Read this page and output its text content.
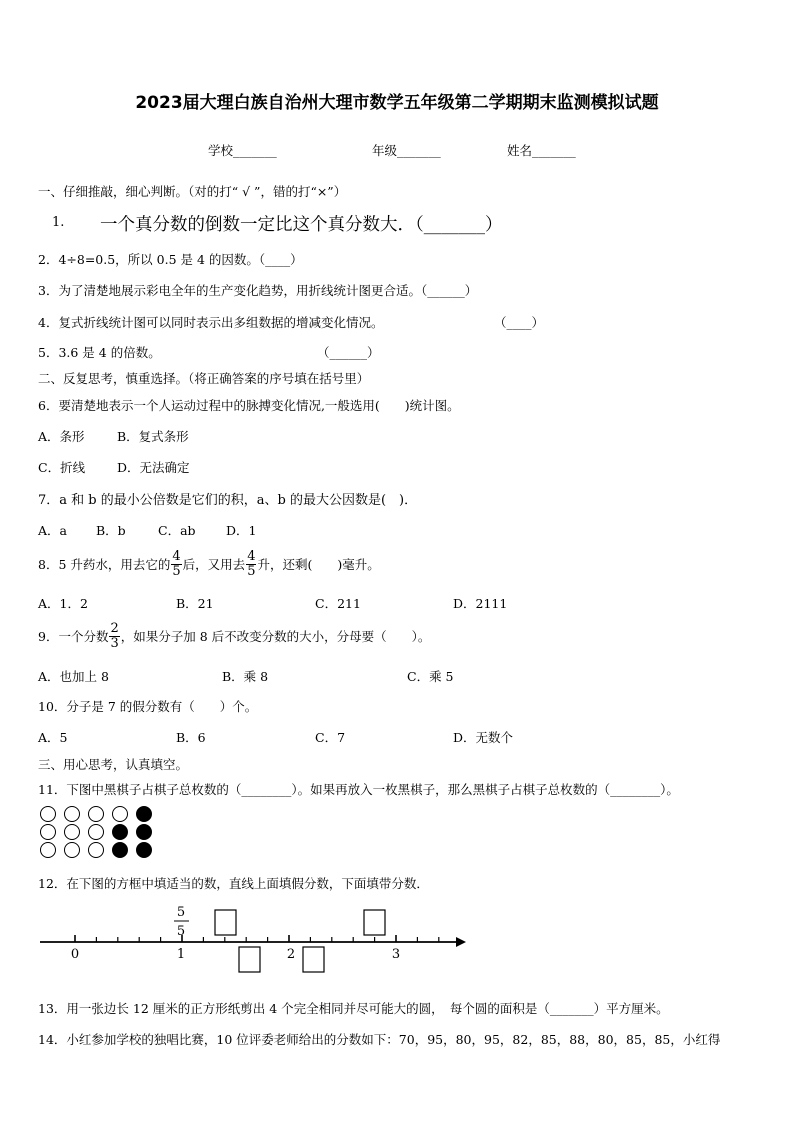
2023届大理白族自治州大理市数学五年级第二学期期末监测模拟试题
学校_______	年级_______	姓名_______
一、仔细推敲，细心判断。（对的打“ √ ”，错的打“×”）
1. 一个真分数的倒数一定比这个真分数大．（_______）
2．4÷8=0.5，所以 0.5 是 4 的因数。（____）
3．为了清楚地展示彩电全年的生产变化趋势，用折线统计图更合适。（______）
4．复式折线统计图可以同时表示出多组数据的增减变化情况。	（____）
5．3.6 是 4 的倍数。	（______）
二、反复思考，慎重选择。（将正确答案的序号填在括号里）
6．要清楚地表示一个人运动过程中的脉搏变化情况,一般选用(　　)统计图。
A．条形	B．复式条形
C．折线	D．无法确定
7．a 和 b 的最小公倍数是它们的积，a、b 的最大公因数是(　)．
A．a B．b	C．ab D．1
8．5 升药水，用去它的 $\frac{4}{5}$ 后，又用去 $\frac{4}{5}$ 升，还剩(　　)毫升。
A．1．2	B．21	C．211	D．2111
9．一个分数 $\frac{2}{3}$ ，如果分子加 8 后不改变分数的大小，分母要（　　）。
A．也加上 8	B．乘 8	C．乘 5
10．分子是 7 的假分数有（　　）个。
A．5	B．6	C．7	D．无数个
三、用心思考，认真填空。
11．下图中黑棋子占棋子总枚数的（________）。如果再放入一枚黑棋子，那么黑棋子占棋子总枚数的（________）。
12．在下图的方框中填适当的数，直线上面填假分数，下面填带分数．
5
5
0	1	2	3
13．用一张边长 12 厘米的正方形纸剪出 4 个完全相同并尽可能大的圆，　每个圆的面积是（_______）平方厘米。
14．小红参加学校的独唱比赛，10 位评委老师给出的分数如下：70，95，80，95，82，85，88，80，85，85，小红得
